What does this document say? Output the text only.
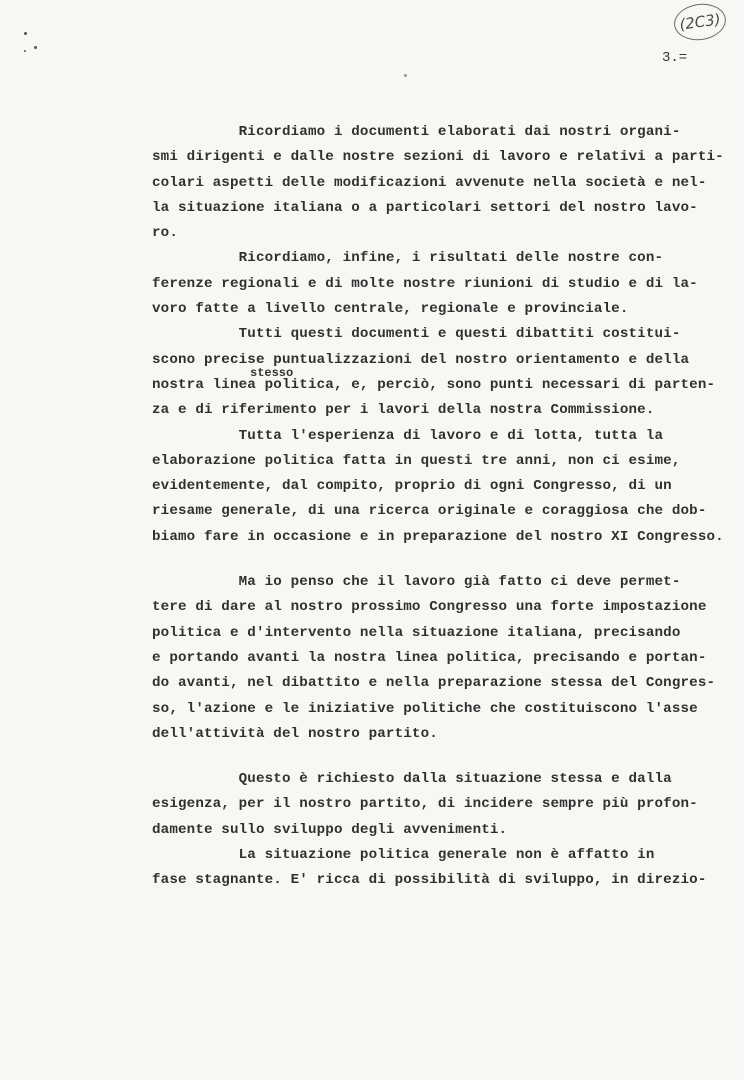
(2C3)
3.=
stesso
Ricordiamo i documenti elaborati dai nostri organi-
smi dirigenti e dalle nostre sezioni di lavoro e relativi a parti-
colari aspetti delle modificazioni avvenute nella società e nel-
la situazione italiana o a particolari settori del nostro lavo-
ro.
Ricordiamo, infine, i risultati delle nostre con-
ferenze regionali e di molte nostre riunioni di studio e di la-
voro fatte a livello centrale, regionale e provinciale.
Tutti questi documenti e questi dibattiti costitui-
scono precise puntualizzazioni del nostro orientamento e della
nostra linea politica, e, perciò, sono punti necessari di parten-
za e di riferimento per i lavori della nostra Commissione.
Tutta l'esperienza di lavoro e di lotta, tutta la
elaborazione politica fatta in questi tre anni, non ci esime,
evidentemente, dal compito, proprio di ogni Congresso, di un
riesame generale, di una ricerca originale e coraggiosa che dob-
biamo fare in occasione e in preparazione del nostro XI Congresso.
Ma io penso che il lavoro già fatto ci deve permet-
tere di dare al nostro prossimo Congresso una forte impostazione
politica e d'intervento nella situazione italiana, precisando
e portando avanti la nostra linea politica, precisando e portan-
do avanti, nel dibattito e nella preparazione stessa del Congres-
so, l'azione e le iniziative politiche che costituiscono l'asse
dell'attività del nostro partito.
Questo è richiesto dalla situazione stessa e dalla
esigenza, per il nostro partito, di incidere sempre più profon-
damente sullo sviluppo degli avvenimenti.
La situazione politica generale non è affatto in
fase stagnante. E' ricca di possibilità di sviluppo, in direzio-
